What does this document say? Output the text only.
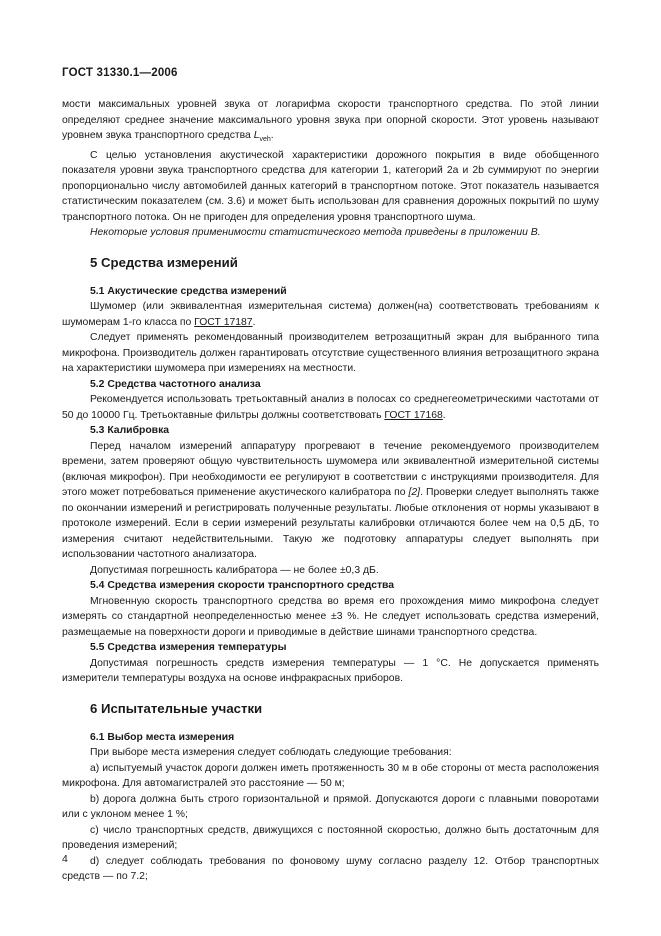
ГОСТ 31330.1—2006

мости максимальных уровней звука от логарифма скорости транспортного средства. По этой линии определяют среднее значение максимального уровня звука при опорной скорости. Этот уровень называют уровнем звука транспортного средства $L_{veh}$.

С целью установления акустической характеристики дорожного покрытия в виде обобщенного показателя уровни звука транспортного средства для категории 1, категорий 2a и 2b суммируют по энергии пропорционально числу автомобилей данных категорий в транспортном потоке. Этот показатель называется статистическим показателем (см. 3.6) и может быть использован для сравнения дорожных покрытий по шуму транспортного потока. Он не пригоден для определения уровня транспортного шума.

Некоторые условия применимости статистического метода приведены в приложении В.

5 Средства измерений
5.1 Акустические средства измерений

Шумомер (или эквивалентная измерительная система) должен(на) соответствовать требованиям к шумомерам 1-го класса по ГОСТ 17187.

Следует применять рекомендованный производителем ветрозащитный экран для выбранного типа микрофона. Производитель должен гарантировать отсутствие существенного влияния ветрозащитного экрана на характеристики шумомера при измерениях на местности.

5.2 Средства частотного анализа

Рекомендуется использовать третьоктавный анализ в полосах со среднегеометрическими частотами от 50 до 10000 Гц. Третьоктавные фильтры должны соответствовать ГОСТ 17168.

5.3 Калибровка

Перед началом измерений аппаратуру прогревают в течение рекомендуемого производителем времени, затем проверяют общую чувствительность шумомера или эквивалентной измерительной системы (включая микрофон). При необходимости ее регулируют в соответствии с инструкциями производителя. Для этого может потребоваться применение акустического калибратора по [2]. Проверки следует выполнять также по окончании измерений и регистрировать полученные результаты. Любые отклонения от нормы указывают в протоколе измерений. Если в серии измерений результаты калибровки отличаются более чем на 0,5 дБ, то измерения считают недействительными. Такую же подготовку аппаратуры следует выполнять при использовании частотного анализатора.

Допустимая погрешность калибратора — не более ±0,3 дБ.

5.4 Средства измерения скорости транспортного средства

Мгновенную скорость транспортного средства во время его прохождения мимо микрофона следует измерять со стандартной неопределенностью менее ±3 %. Не следует использовать средства измерений, размещаемые на поверхности дороги и приводимые в действие шинами транспортного средства.

5.5 Средства измерения температуры

Допустимая погрешность средств измерения температуры — 1 °С. Не допускается применять измерители температуры воздуха на основе инфракрасных приборов.

6 Испытательные участки
6.1 Выбор места измерения

При выборе места измерения следует соблюдать следующие требования:

а) испытуемый участок дороги должен иметь протяженность 30 м в обе стороны от места расположения микрофона. Для автомагистралей это расстояние — 50 м;

b) дорога должна быть строго горизонтальной и прямой. Допускаются дороги с плавными поворотами или с уклоном менее 1 %;

c) число транспортных средств, движущихся с постоянной скоростью, должно быть достаточным для проведения измерений;

d) следует соблюдать требования по фоновому шуму согласно разделу 12. Отбор транспортных средств — по 7.2;

4
